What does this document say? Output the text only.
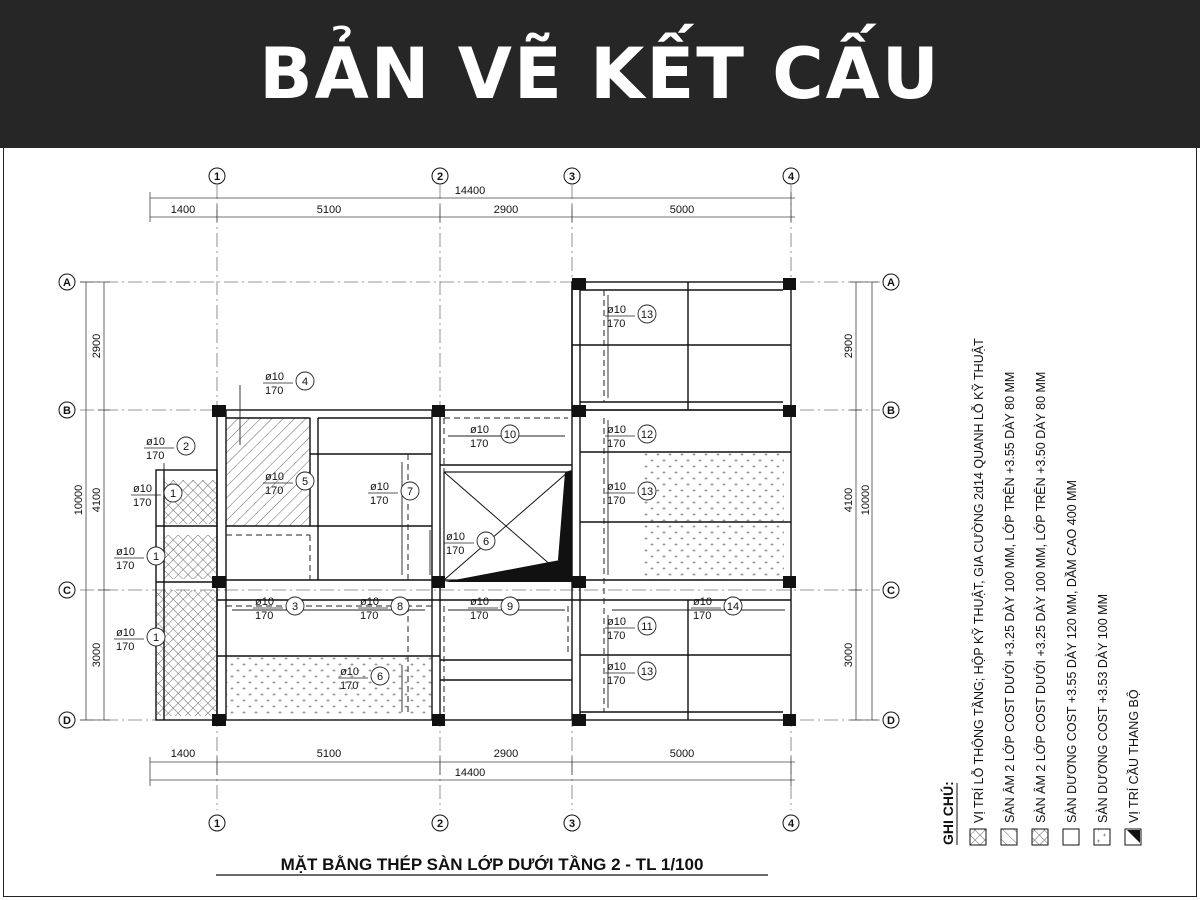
BẢN VẼ KẾT CẤU
14400
1400	5100	2900	5000
1400	5100	2900	5000
14400
10000
2900
4100
3000
2900
4100
3000
10000
1	2	3	4
1	2	3	4
A
B
C
D
A
B
C
D
ø10
170
1
ø10
170
1
ø10
170
1
ø10
170
2
ø10
170
4
ø10
170
5	ø10
170
7
ø10
170
3	ø10
170
8	ø10
170
9
ø10
170
10
ø10
170
6
ø10
170
13
ø10
170
12
ø10
170
13
ø10
170
11
ø10
170
13
ø10
170
14
ø10
170
6
MẶT BẰNG THÉP SÀN LỚP DƯỚI TẦNG 2 - TL 1/100
GHI CHÚ: VỊ TRÍ LỖ THÔNG TẦNG; HỘP KỸ THUẬT, GIA CƯỜNG 2d14 QUANH LỖ KỸ THUẬT SÀN ÂM 2 LỚP COST DƯỚI +3.25 DÀY 100 MM, LỚP TRÊN +3.55 DÀY 80 MM SÀN ÂM 2 LỚP COST DƯỚI +3.25 DÀY 100 MM, LỚP TRÊN +3.50 DÀY 80 MM SÀN DƯƠNG COST +3.55 DÀY 120 MM, DẦM CAO 400 MM SÀN DƯƠNG COST +3.53 DÀY 100 MM VỊ TRÍ CẦU THANG BỘ
